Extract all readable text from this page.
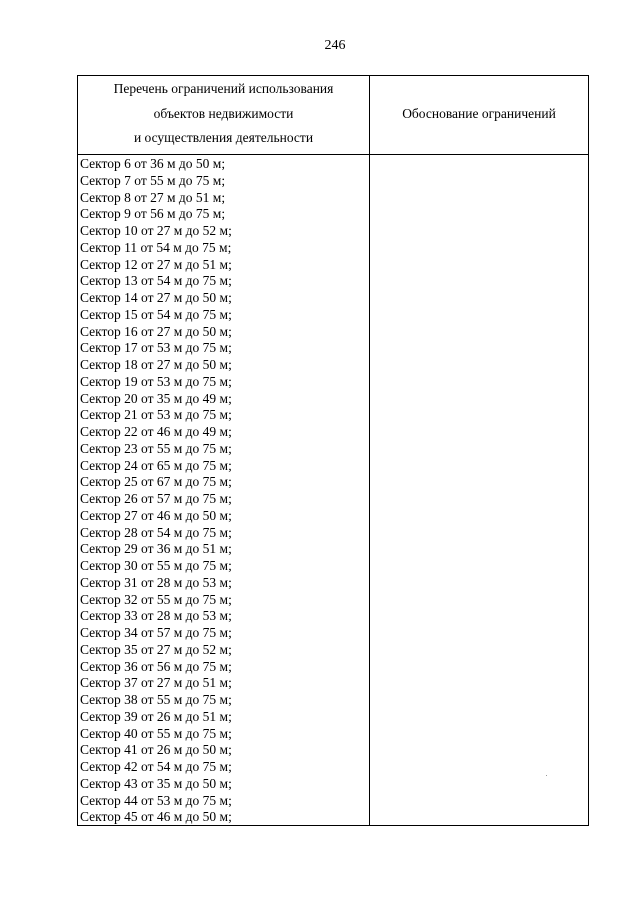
246
Перечень ограничений использования
объектов недвижимости
и осуществления деятельности
Обоснование ограничений
Сектор 6 от 36 м до 50 м;
Сектор 7 от 55 м до 75 м;
Сектор 8 от 27 м до 51 м;
Сектор 9 от 56 м до 75 м;
Сектор 10 от 27 м до 52 м;
Сектор 11 от 54 м до 75 м;
Сектор 12 от 27 м до 51 м;
Сектор 13 от 54 м до 75 м;
Сектор 14 от 27 м до 50 м;
Сектор 15 от 54 м до 75 м;
Сектор 16 от 27 м до 50 м;
Сектор 17 от 53 м до 75 м;
Сектор 18 от 27 м до 50 м;
Сектор 19 от 53 м до 75 м;
Сектор 20 от 35 м до 49 м;
Сектор 21 от 53 м до 75 м;
Сектор 22 от 46 м до 49 м;
Сектор 23 от 55 м до 75 м;
Сектор 24 от 65 м до 75 м;
Сектор 25 от 67 м до 75 м;
Сектор 26 от 57 м до 75 м;
Сектор 27 от 46 м до 50 м;
Сектор 28 от 54 м до 75 м;
Сектор 29 от 36 м до 51 м;
Сектор 30 от 55 м до 75 м;
Сектор 31 от 28 м до 53 м;
Сектор 32 от 55 м до 75 м;
Сектор 33 от 28 м до 53 м;
Сектор 34 от 57 м до 75 м;
Сектор 35 от 27 м до 52 м;
Сектор 36 от 56 м до 75 м;
Сектор 37 от 27 м до 51 м;
Сектор 38 от 55 м до 75 м;
Сектор 39 от 26 м до 51 м;
Сектор 40 от 55 м до 75 м;
Сектор 41 от 26 м до 50 м;
Сектор 42 от 54 м до 75 м;
Сектор 43 от 35 м до 50 м;
Сектор 44 от 53 м до 75 м;
Сектор 45 от 46 м до 50 м;
